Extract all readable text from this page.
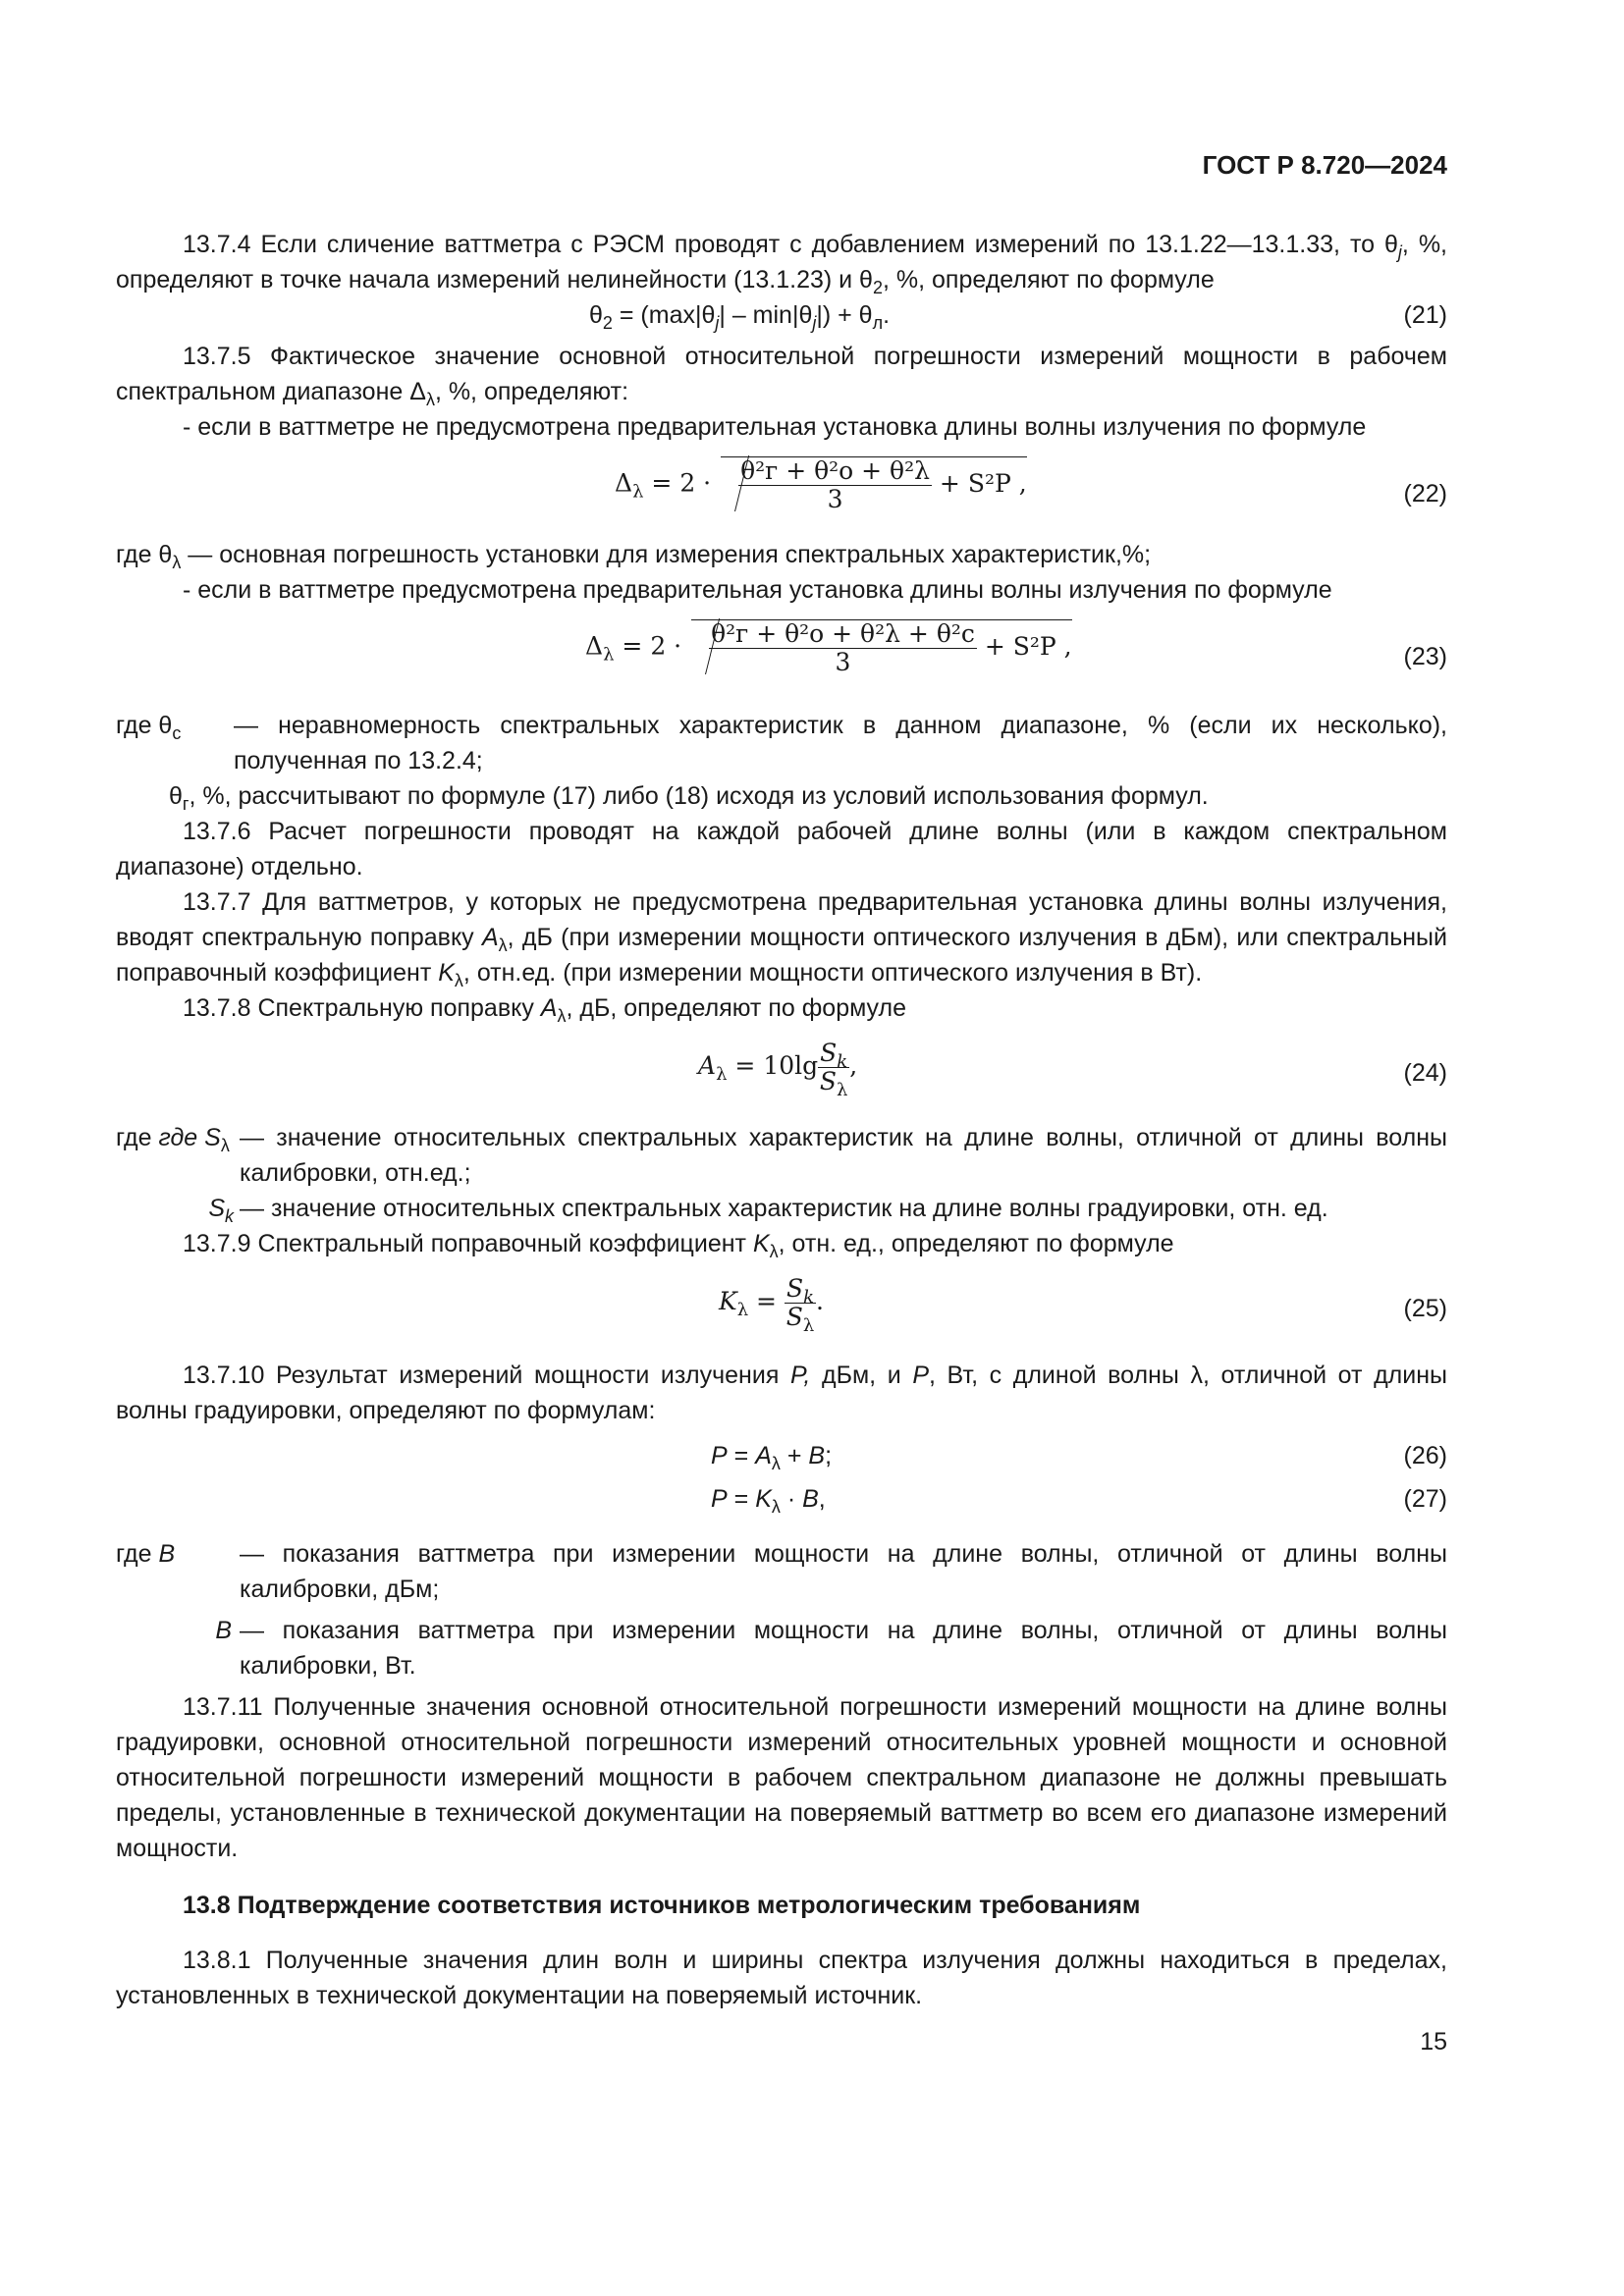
ГОСТ Р 8.720—2024

13.7.4 Если сличение ваттметра с РЭСМ проводят с добавлением измерений по 13.1.22—13.1.33, то $\theta_j$, %, определяют в точке начала измерений нелинейности (13.1.23) и $\theta_2$, %, определяют по формуле

$\theta_2 = (\max|\theta_j| - \min|\theta_j|) + \theta_л$.	(21)

13.7.5 Фактическое значение основной относительной погрешности измерений мощности в рабочем спектральном диапазоне $\Delta_\lambda$, %, определяют:

- если в ваттметре не предусмотрена предварительная установка длины волны излучения по формуле

$\Delta_\lambda = 2 \cdot \frac{\text{θ²г + θ²о + θ²λ}}{3} + S^2P$ ,	(22)

где $\theta_\lambda$ — основная погрешность установки для измерения спектральных характеристик,%;

- если в ваттметре предусмотрена предварительная установка длины волны излучения по формуле

$\Delta_\lambda = 2 \cdot \frac{\text{θ²г + θ²о + θ²λ + θ²c}}{3} + S^2P$ ,	(23)
где $\theta_c$	— неравномерность спектральных характеристик в данном диапазоне, % (если их несколько), полученная по 13.2.4;

$\theta_г$, %, рассчитывают по формуле (17) либо (18) исходя из условий использования формул.

13.7.6 Расчет погрешности проводят на каждой рабочей длине волны (или в каждом спектральном диапазоне) отдельно.

13.7.7 Для ваттметров, у которых не предусмотрена предварительная установка длины волны излучения, вводят спектральную поправку $A_\lambda$, дБ (при измерении мощности оптического излучения в дБм), или спектральный поправочный коэффициент $K_\lambda$, отн.ед. (при измерении мощности оптического излучения в Вт).

13.7.8 Спектральную поправку $A_\lambda$, дБ, определяют по формуле

$A_\lambda = 10\lg \frac{S_k}{S_\lambda}$ ,	(24)
где где $S_\lambda$ — значение относительных спектральных характеристик на длине волны, отличной от длины волны калибровки, отн.ед.;
$S_k$ — значение относительных спектральных характеристик на длине волны градуировки, отн. ед.

13.7.9 Спектральный поправочный коэффициент $K_\lambda$, отн. ед., определяют по формуле

$K_\lambda = \frac{S_k}{S_\lambda}$ .	(25)

13.7.10 Результат измерений мощности излучения P, дБм, и P, Вт, с длиной волны λ, отличной от длины волны градуировки, определяют по формулам:

$P = A_\lambda + B$;	(26)
$P = K_\lambda \cdot B$,	(27)
где B	— показания ваттметра при измерении мощности на длине волны, отличной от длины волны калибровки, дБм;
B — показания ваттметра при измерении мощности на длине волны, отличной от длины волны калибровки, Вт.

13.7.11 Полученные значения основной относительной погрешности измерений мощности на длине волны градуировки, основной относительной погрешности измерений относительных уровней мощности и основной относительной погрешности измерений мощности в рабочем спектральном диапазоне не должны превышать пределы, установленные в технической документации на поверяемый ваттметр во всем его диапазоне измерений мощности.

13.8 Подтверждение соответствия источников метрологическим требованиям

13.8.1 Полученные значения длин волн и ширины спектра излучения должны находиться в пределах, установленных в технической документации на поверяемый источник.

15
